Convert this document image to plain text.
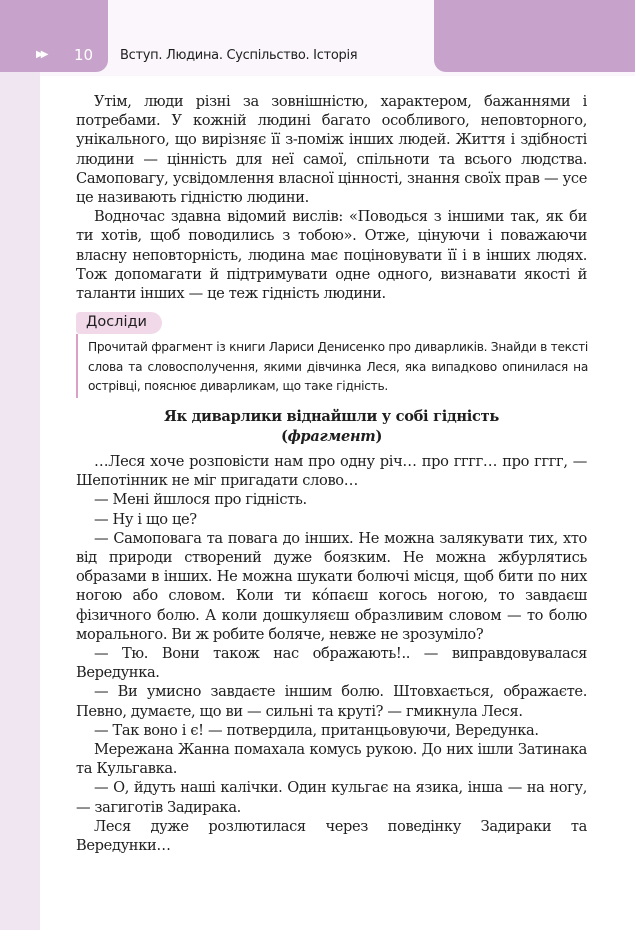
▶▶ 10 Вступ. Людина. Суспільство. Історія

Утім, люди різні за зовнішністю, характером, бажаннями і потребами. У кожній людині багато особливого, неповторного, унікального, що вирізняє її з-поміж інших людей. Життя і здібності людини — цінність для неї самої, спільноти та всього людства. Самоповагу, усвідомлення власної цінності, знання своїх прав — усе це називають гідністю людини.

Водночас здавна відомий вислів: «Поводься з іншими так, як би ти хотів, щоб поводились з тобою». Отже, цінуючи і поважаючи власну неповторність, людина має поціновувати її і в інших людях. Тож допомагати й підтримувати одне одного, визнавати якості й таланти інших — це теж гідність людини.

Досліди

Прочитай фрагмент із книги Лариси Денисенко про диварликів. Знайди в тексті слова та словосполучення, якими дівчинка Леся, яка випадково опинилася на острівці, пояснює диварликам, що таке гідність.

Як диварлики віднайшли у собі гідність
(фрагмент)

…Леся хоче розповісти нам про одну річ… про гггг… про гггг, — Шепотінник не міг пригадати слово…

— Мені йшлося про гідність.

— Ну і що це?

— Самоповага та повага до інших. Не можна залякувати тих, хто від природи створений дуже боязким. Не можна жбурлятись образами в інших. Не можна шукати болючі місця, щоб бити по них ногою або словом. Коли ти кóпаєш когось ногою, то завдаєш фізичного болю. А коли дошкуляєш образливим словом — то болю морального. Ви ж робите боляче, невже не зрозуміло?

— Тю. Вони також нас ображають!.. — виправдовувалася Вередунка.

— Ви умисно завдаєте іншим болю. Штовхається, ображаєте. Певно, думаєте, що ви — сильні та круті? — гмикнула Леся.

— Так воно і є! — потвердила, пританцьовуючи, Вередунка.

Мережана Жанна помахала комусь рукою. До них ішли Затинака та Кульгавка.

— О, йдуть наші калічки. Один кульгає на язика, інша — на ногу, — загиготів Задирака.

Леся дуже розлютилася через поведінку Задираки та Вередунки…
